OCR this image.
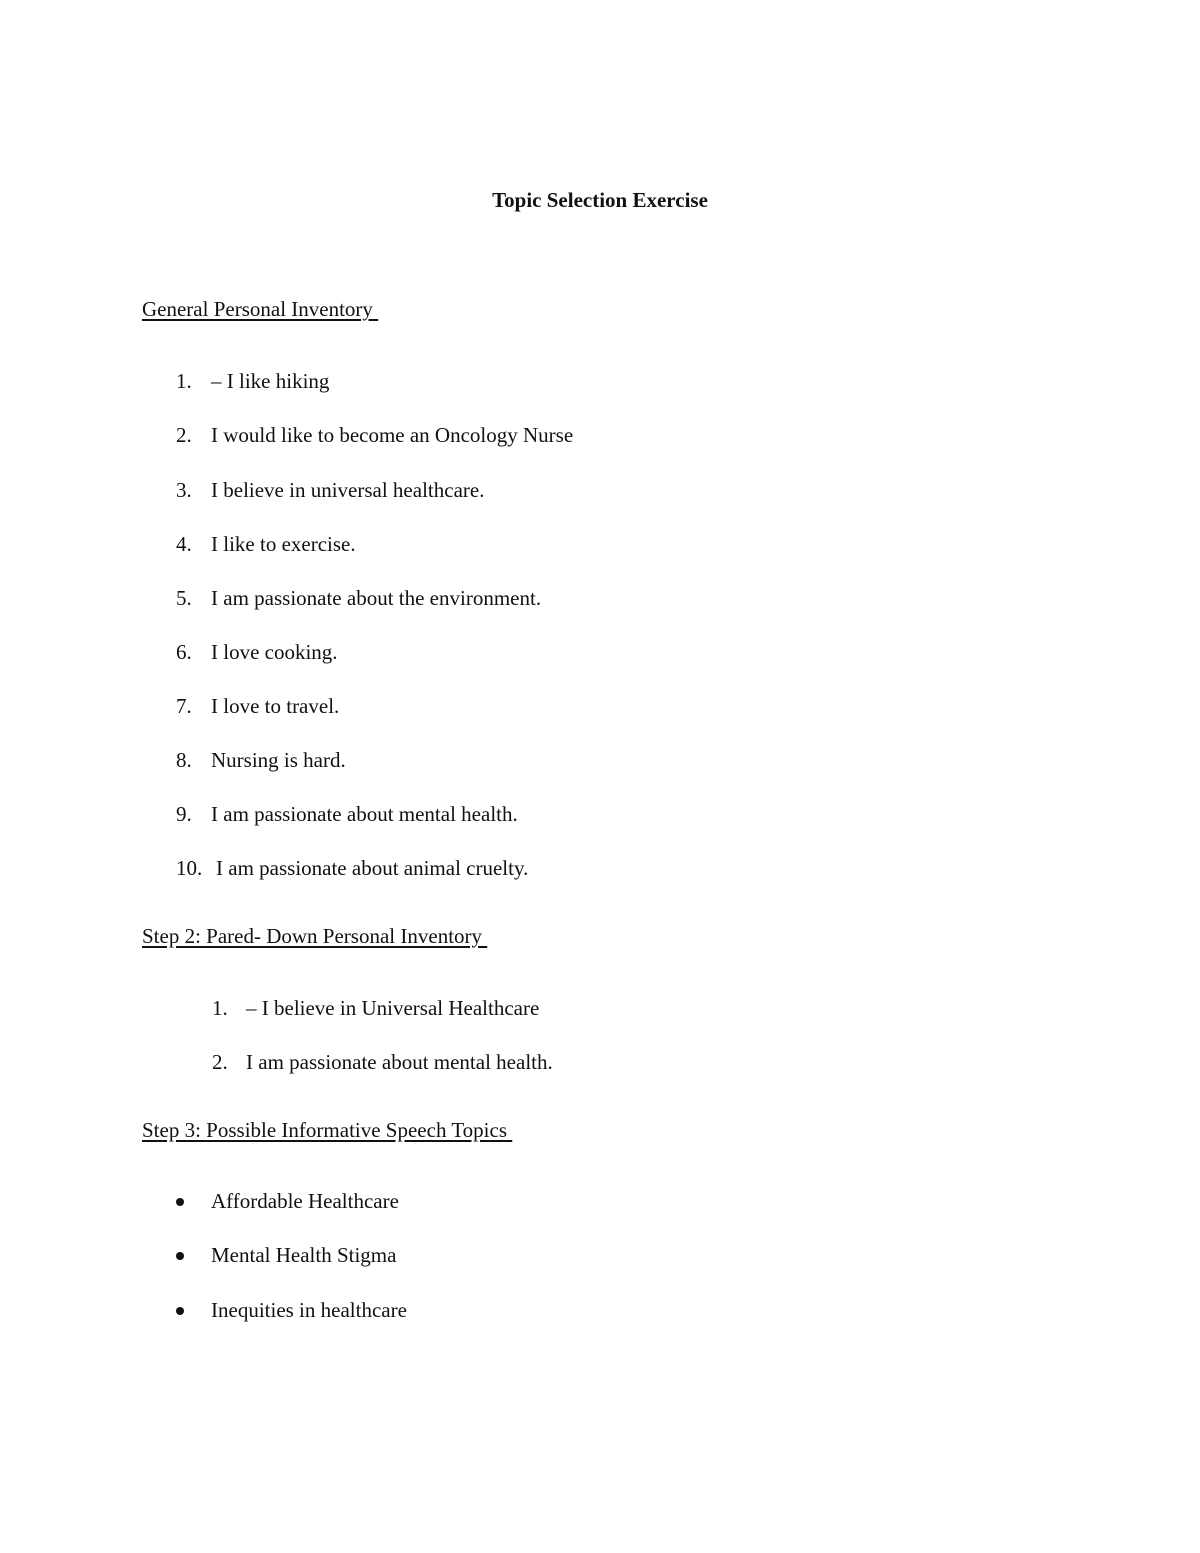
Topic Selection Exercise
General Personal Inventory

1.

– I like hiking

2.

I would like to become an Oncology Nurse

3.

I believe in universal healthcare.

4.

I like to exercise.

5.

I am passionate about the environment.

6.

I love cooking.

7.

I love to travel.

8.

Nursing is hard.

9.

I am passionate about mental health.

10.

I am passionate about animal cruelty.

Step 2: Pared- Down Personal Inventory

1.

– I believe in Universal Healthcare

2.

I am passionate about mental health.

Step 3: Possible Informative Speech Topics

Affordable Healthcare

Mental Health Stigma

Inequities in healthcare
